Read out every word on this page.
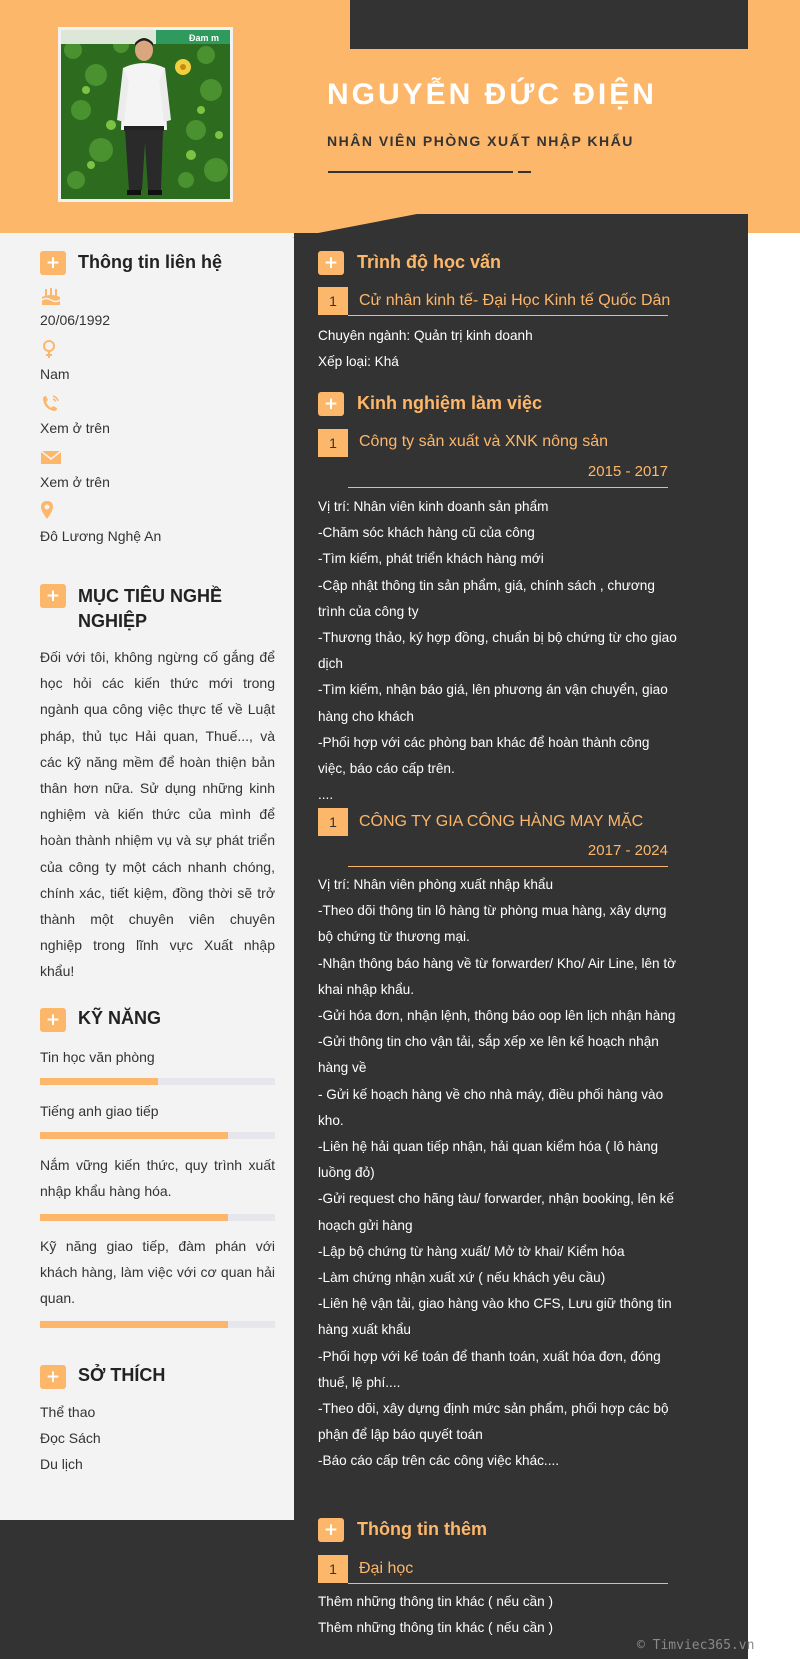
Đam m
NGUYỄN ĐỨC ĐIỆN
NHÂN VIÊN PHÒNG XUẤT NHẬP KHẨU
+ Thông tin liên hệ
20/06/1992
Nam
Xem ở trên
Xem ở trên
Đô Lương Nghệ An
+ MỤC TIÊU NGHỀ
NGHIỆP
Đối với tôi, không ngừng cố gắng để học hỏi các kiến thức mới trong ngành qua công việc thực tế về Luật pháp, thủ tục Hải quan, Thuế..., và các kỹ năng mềm để hoàn thiện bản thân hơn nữa. Sử dụng những kinh nghiệm và kiến thức của mình để hoàn thành nhiệm vụ và sự phát triển của công ty một cách nhanh chóng, chính xác, tiết kiệm, đồng thời sẽ trở thành một chuyên viên chuyên nghiệp trong lĩnh vực Xuất nhập khẩu!
+ KỸ NĂNG
Tin học văn phòng
Tiếng anh giao tiếp
Nắm vững kiến thức, quy trình xuất nhập khẩu hàng hóa.
Kỹ năng giao tiếp, đàm phán với khách hàng, làm việc với cơ quan hải quan.
+ SỞ THÍCH
Thể thao
Đọc Sách
Du lịch
+	Trình độ học vấn
1	Cử nhân kinh tế- Đại Học Kinh tế Quốc Dân
Chuyên ngành: Quản trị kinh doanh
Xếp loại: Khá
+	Kinh nghiệm làm việc
1	Công ty sản xuất và XNK nông sản
2015 - 2017
Vị trí: Nhân viên kinh doanh sản phẩm
-Chăm sóc khách hàng cũ của công
-Tìm kiếm, phát triển khách hàng mới
-Cập nhật thông tin sản phẩm, giá, chính sách , chương trình của công ty
-Thương thảo, ký hợp đồng, chuẩn bị bộ chứng từ cho giao dịch
-Tìm kiếm, nhận báo giá, lên phương án vận chuyển, giao hàng cho khách
-Phối hợp với các phòng ban khác để hoàn thành công việc, báo cáo cấp trên.
....
1	CÔNG TY GIA CÔNG HÀNG MAY MẶC
2017 - 2024
Vị trí: Nhân viên phòng xuất nhập khẩu
-Theo dõi thông tin lô hàng từ phòng mua hàng, xây dựng bộ chứng từ thương mại.
-Nhận thông báo hàng về từ forwarder/ Kho/ Air Line, lên tờ khai nhập khẩu.
-Gửi hóa đơn, nhận lệnh, thông báo oop lên lịch nhận hàng
-Gửi thông tin cho vận tải, sắp xếp xe lên kế hoạch nhận hàng về
- Gửi kế hoạch hàng về cho nhà máy, điều phối hàng vào kho.
-Liên hệ hải quan tiếp nhận, hải quan kiểm hóa ( lô hàng luồng đỏ)
-Gửi request cho hãng tàu/ forwarder, nhận booking, lên kế hoạch gửi hàng
-Lập bộ chứng từ hàng xuất/ Mở tờ khai/ Kiểm hóa
-Làm chứng nhận xuất xứ ( nếu khách yêu cầu)
-Liên hệ vận tải, giao hàng vào kho CFS, Lưu giữ thông tin hàng xuất khẩu
-Phối hợp với kế toán để thanh toán, xuất hóa đơn, đóng thuế, lệ phí....
-Theo dõi, xây dựng định mức sản phẩm, phối hợp các bộ phận để lập báo quyết toán
-Báo cáo cấp trên các công việc khác....
+	Thông tin thêm
1	Đại học
Thêm những thông tin khác ( nếu cần )
Thêm những thông tin khác ( nếu cần )
© Timviec365.vn
